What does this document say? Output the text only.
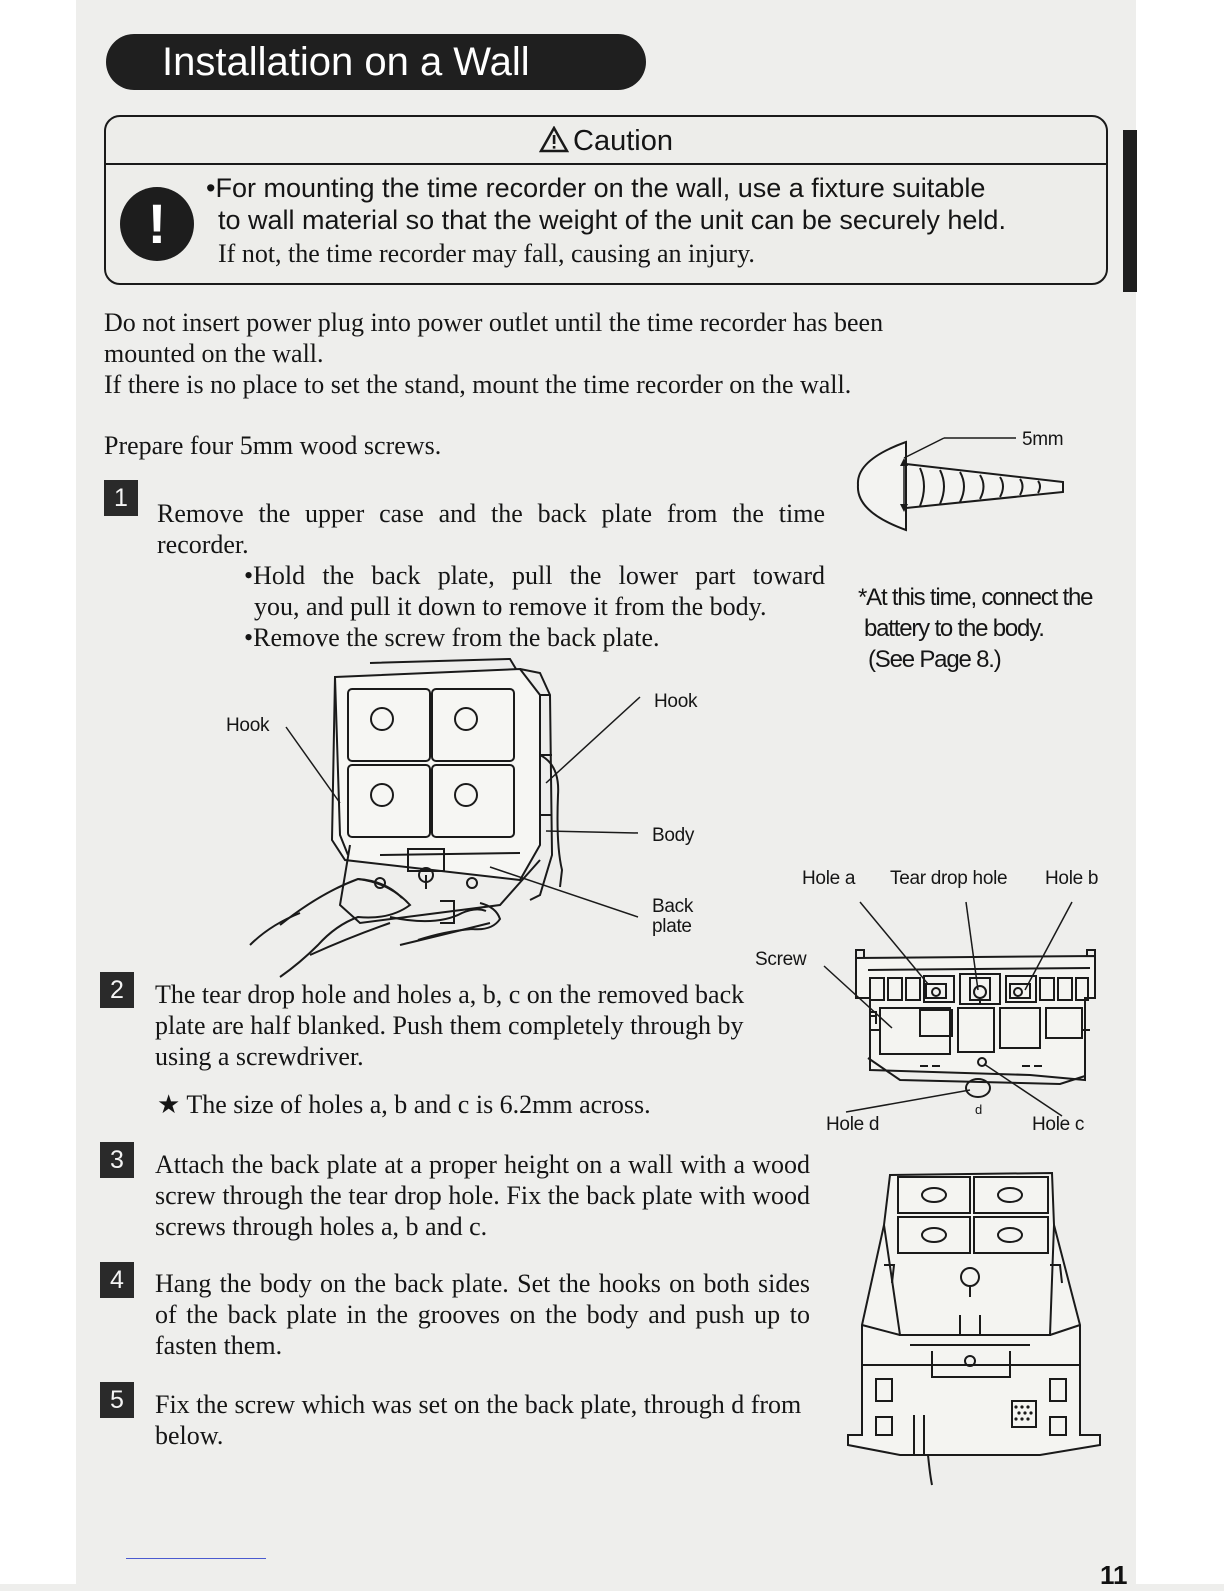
Installation on a Wall
Caution
!
•For mounting the time recorder on the wall, use a fixture suitable
to wall material so that the weight of the unit can be securely held.
If not, the time recorder may fall, causing an injury.
Do not insert power plug into power outlet until the time recorder has been
mounted on the wall.
If there is no place to set the stand, mount the time recorder on the wall.
Prepare four 5mm wood screws.	5mm
1
Remove the upper case and the back plate from the time recorder.
•Hold the back plate, pull the lower part toward
you, and pull it down to remove it from the body.
•Remove the screw from the back plate.
*At this time, connect the
battery to the body.
(See Page 8.)
Hook
Hook
Body
Back
plate
2	The tear drop hole and holes a, b, c on the removed back plate are half blanked. Push them completely through by using a screwdriver.
★ The size of holes a, b and c is 6.2mm across.
Hole a Tear drop hole Hole b
Screw
Hole d
d
Hole c
3	Attach the back plate at a proper height on a wall with a wood screw through the tear drop hole. Fix the back plate with wood screws through holes a, b and c.
4	Hang the body on the back plate. Set the hooks on both sides of the back plate in the grooves on the body and push up to fasten them.
5	Fix the screw which was set on the back plate, through d from below.
11
